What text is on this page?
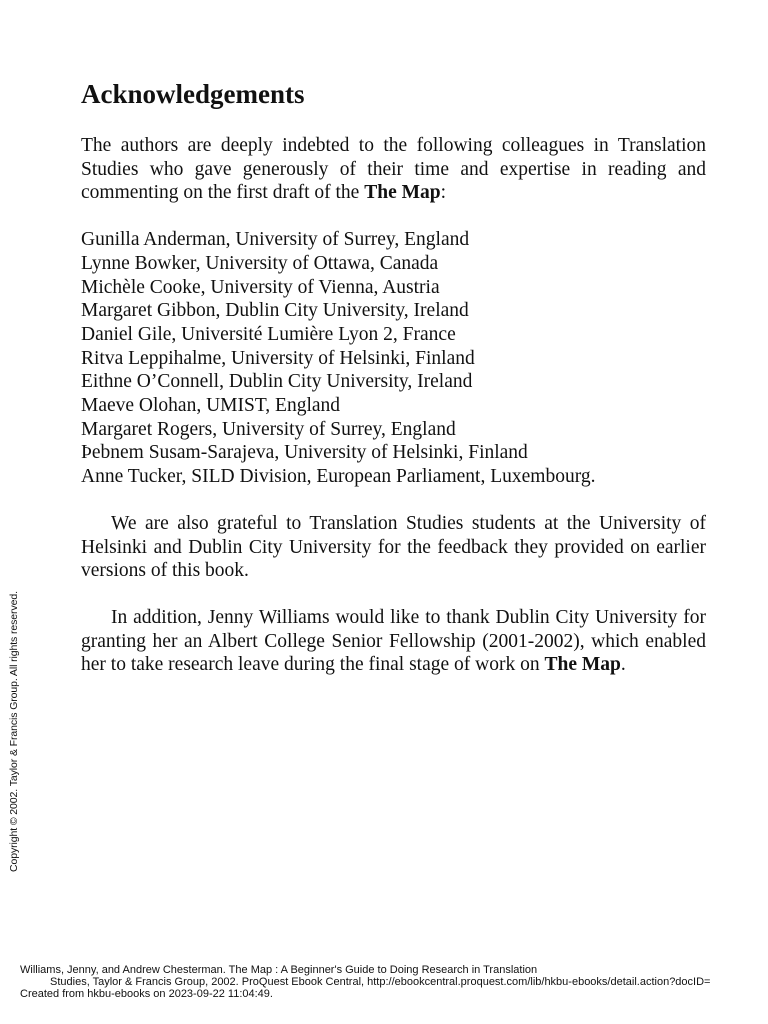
Acknowledgements

The authors are deeply indebted to the following colleagues in Translation Studies who gave generously of their time and expertise in reading and commenting on the first draft of the The Map:

Gunilla Anderman, University of Surrey, England
Lynne Bowker, University of Ottawa, Canada
Michèle Cooke, University of Vienna, Austria
Margaret Gibbon, Dublin City University, Ireland
Daniel Gile, Université Lumière Lyon 2, France
Ritva Leppihalme, University of Helsinki, Finland
Eithne O’Connell, Dublin City University, Ireland
Maeve Olohan, UMIST, England
Margaret Rogers, University of Surrey, England
Þebnem Susam-Sarajeva, University of Helsinki, Finland
Anne Tucker, SILD Division, European Parliament, Luxembourg.

We are also grateful to Translation Studies students at the University of Helsinki and Dublin City University for the feedback they provided on earlier versions of this book.

In addition, Jenny Williams would like to thank Dublin City University for granting her an Albert College Senior Fellowship (2001-2002), which enabled her to take research leave during the final stage of work on The Map.

Copyright © 2002. Taylor & Francis Group. All rights reserved.
Williams, Jenny, and Andrew Chesterman. The Map : A Beginner's Guide to Doing Research in Translation
Studies, Taylor & Francis Group, 2002. ProQuest Ebook Central, http://ebookcentral.proquest.com/lib/hkbu-ebooks/detail.action?docID=
Created from hkbu-ebooks on 2023-09-22 11:04:49.
